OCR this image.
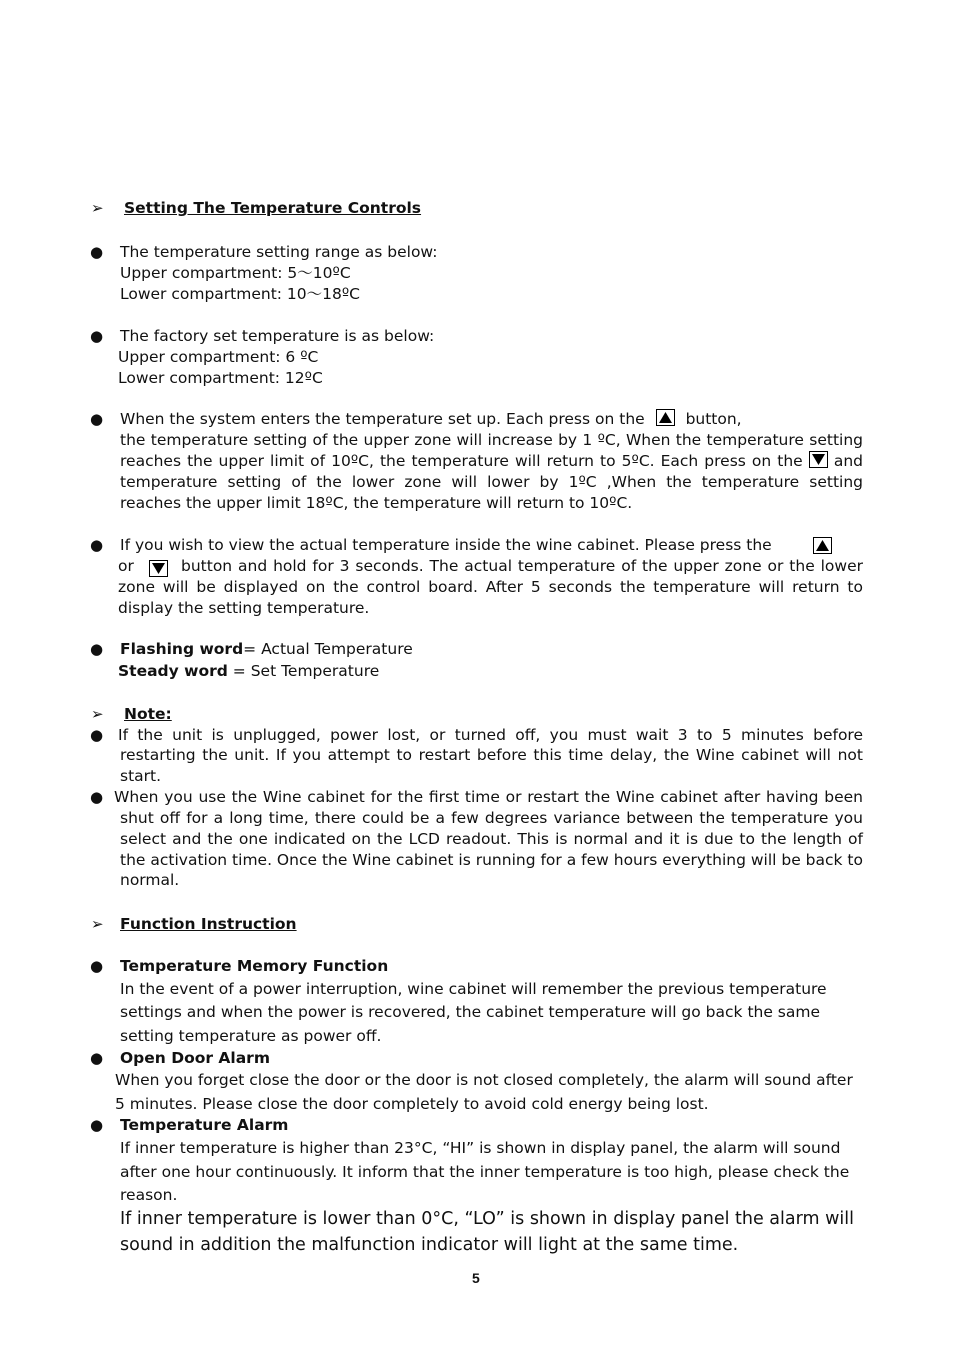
➢ Setting The Temperature Controls
● The temperature setting range as below:
Upper compartment: 5～10ºC
Lower compartment: 10～18ºC
● The factory set temperature is as below:
Upper compartment: 6 ºC
Lower compartment: 12ºC
● When the system enters the temperature set up. Each press on the	button,
the temperature setting of the upper zone will increase by 1 ºC, When the temperature setting
reaches the upper limit of 10ºC, the temperature will return to 5ºC. Each press on the and
temperature setting of the lower zone will lower by 1ºC ,When the temperature setting
reaches the upper limit 18ºC, the temperature will return to 10ºC.
● If you wish to view the actual temperature inside the wine cabinet. Please press the
or	button and hold for 3 seconds. The actual temperature of the upper zone or the lower
zone will be displayed on the control board. After 5 seconds the temperature will return to
display the setting temperature.
● Flashing word= Actual Temperature
Steady word = Set Temperature
➢ Note:
● If the unit is unplugged, power lost, or turned off, you must wait 3 to 5 minutes before
restarting the unit. If you attempt to restart before this time delay, the Wine cabinet will not
start.
● When you use the Wine cabinet for the first time or restart the Wine cabinet after having been
shut off for a long time, there could be a few degrees variance between the temperature you
select and the one indicated on the LCD readout. This is normal and it is due to the length of
the activation time. Once the Wine cabinet is running for a few hours everything will be back to
normal.
➢ Function Instruction
● Temperature Memory Function
In the event of a power interruption, wine cabinet will remember the previous temperature
settings and when the power is recovered, the cabinet temperature will go back the same
setting temperature as power off.
● Open Door Alarm
When you forget close the door or the door is not closed completely, the alarm will sound after
5 minutes. Please close the door completely to avoid cold energy being lost.
● Temperature Alarm
If inner temperature is higher than 23°C, “HI” is shown in display panel, the alarm will sound
after one hour continuously. It inform that the inner temperature is too high, please check the
reason.
If inner temperature is lower than 0°C, “LO” is shown in display panel the alarm will
sound in addition the malfunction indicator will light at the same time.
5
